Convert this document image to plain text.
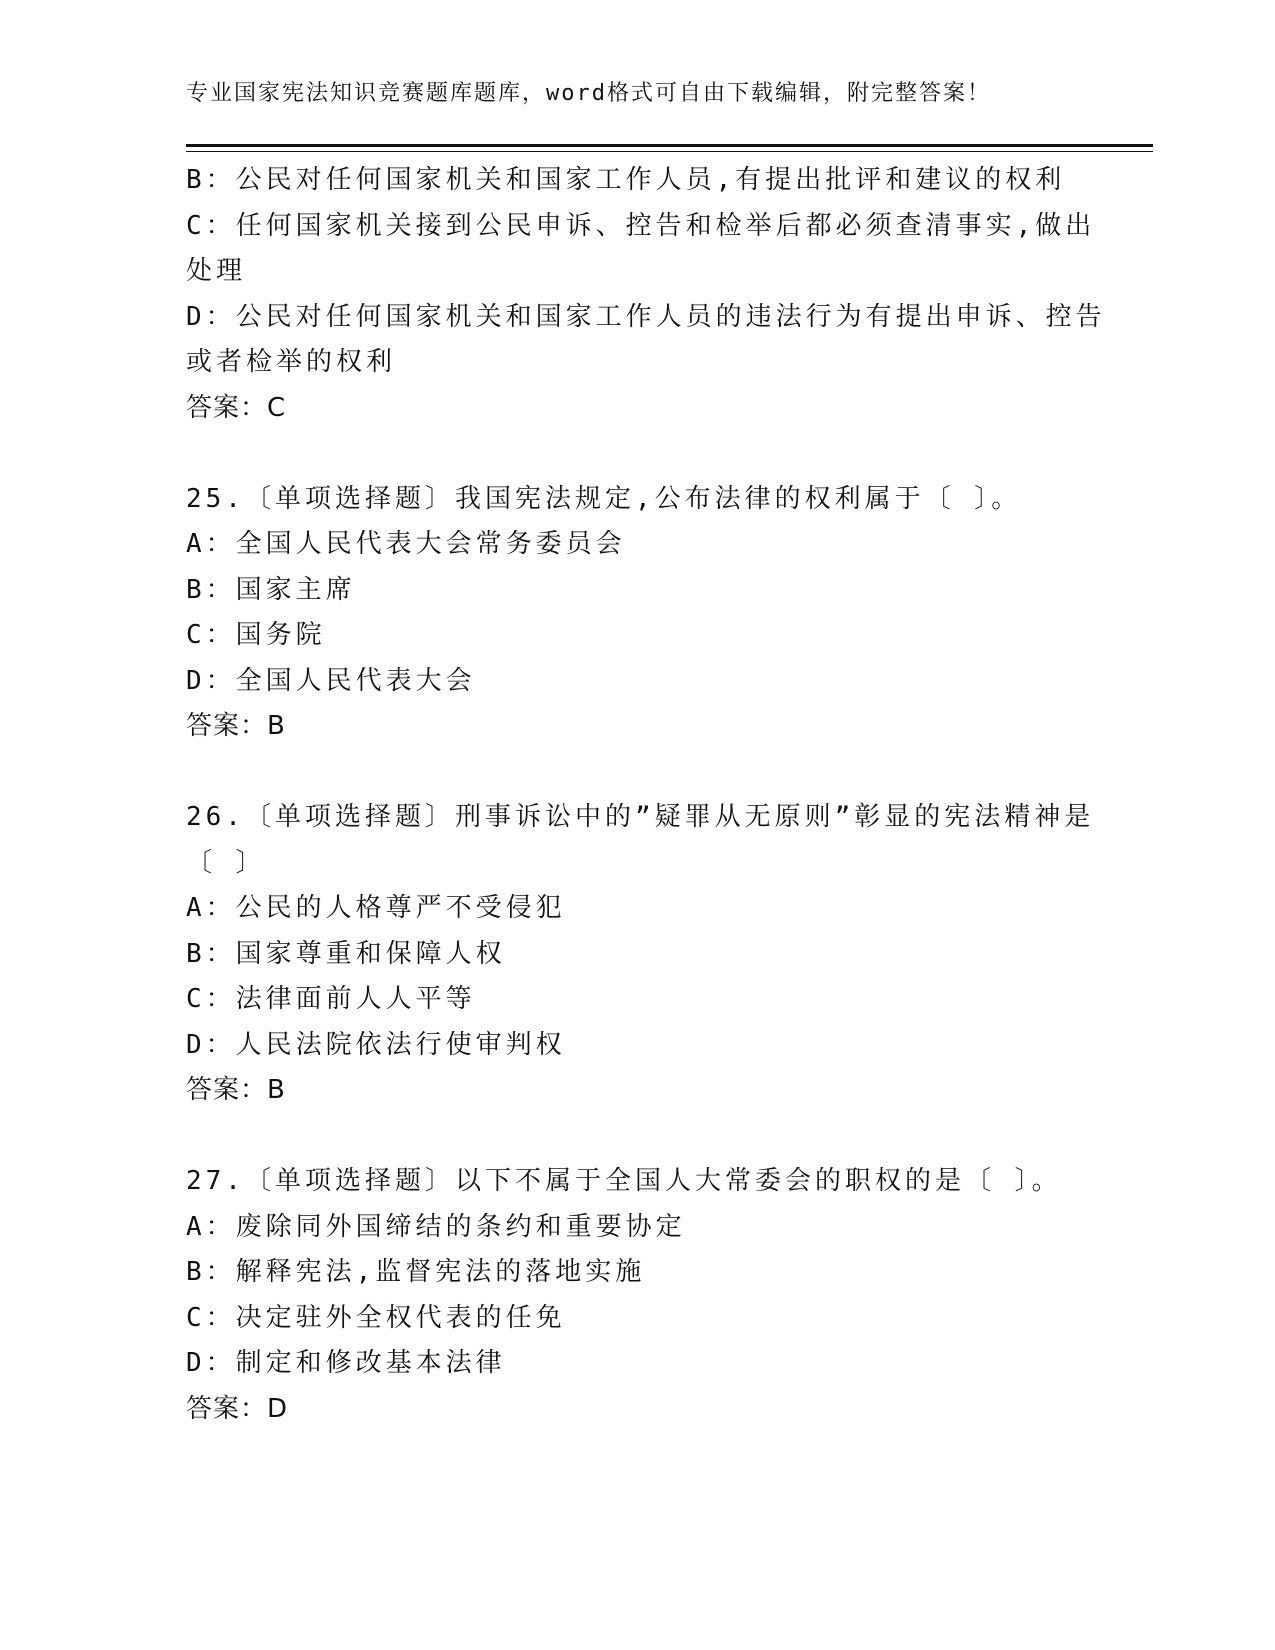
专业国家宪法知识竞赛题库题库，word格式可自由下载编辑，附完整答案！
B：公民对任何国家机关和国家工作人员,有提出批评和建议的权利
C：任何国家机关接到公民申诉、控告和检举后都必须查清事实,做出
处理
D：公民对任何国家机关和国家工作人员的违法行为有提出申诉、控告
或者检举的权利
答案：C
25.〔单项选择题〕我国宪法规定,公布法律的权利属于〔 〕。
A：全国人民代表大会常务委员会
B：国家主席
C：国务院
D：全国人民代表大会
答案：B
26.〔单项选择题〕刑事诉讼中的”疑罪从无原则”彰显的宪法精神是
〔 〕
A：公民的人格尊严不受侵犯
B：国家尊重和保障人权
C：法律面前人人平等
D：人民法院依法行使审判权
答案：B
27.〔单项选择题〕以下不属于全国人大常委会的职权的是〔 〕。
A：废除同外国缔结的条约和重要协定
B：解释宪法,监督宪法的落地实施
C：决定驻外全权代表的任免
D：制定和修改基本法律
答案：D
